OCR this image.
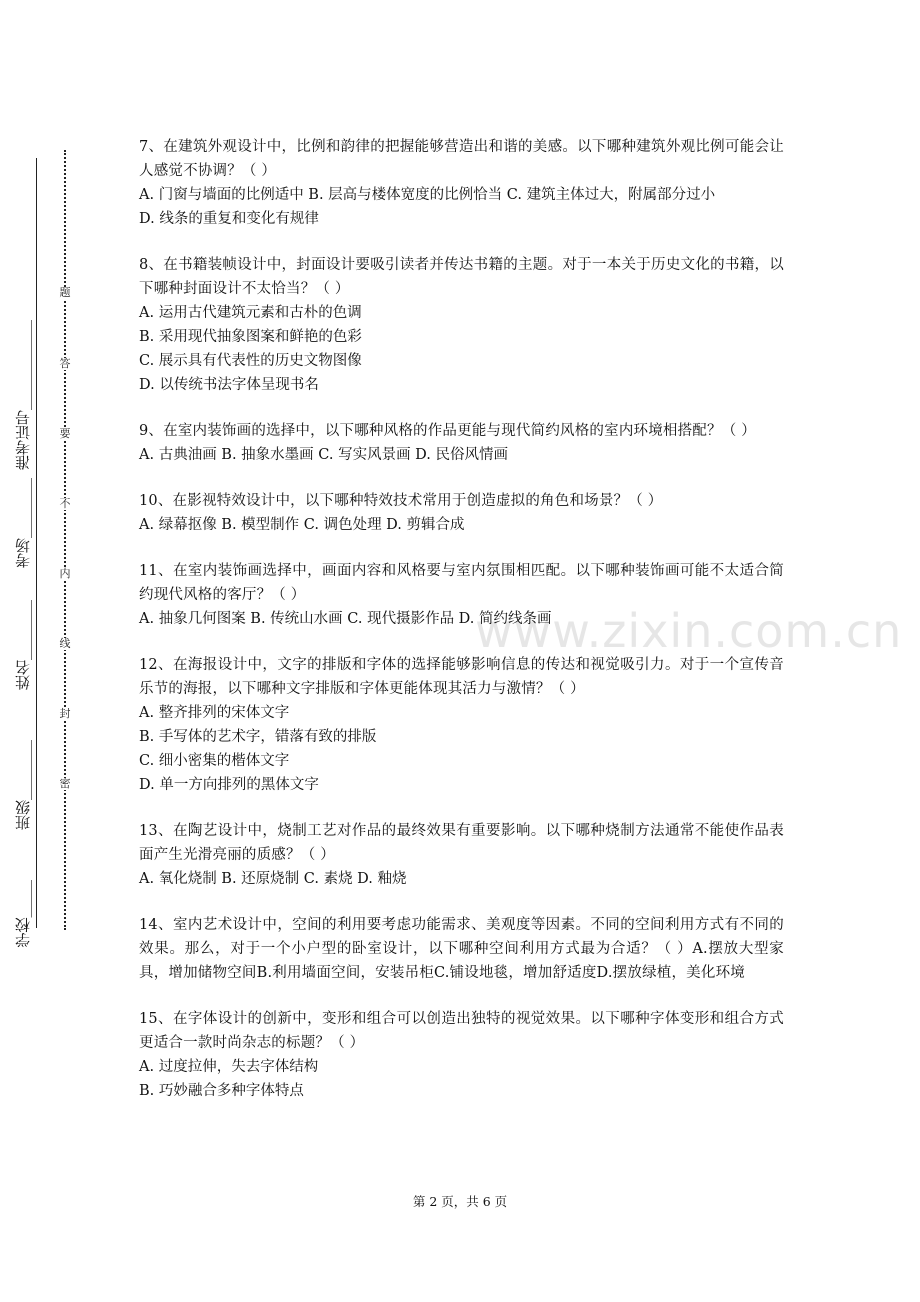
准考证号____________
考场________
姓名________
班级________
学校_____
题
答
要
不
内
线
封
密
www.zixin.com.cn

7、在建筑外观设计中，比例和韵律的把握能够营造出和谐的美感。以下哪种建筑外观比例可能会让人感觉不协调？（ ）

A. 门窗与墙面的比例适中 B. 层高与楼体宽度的比例恰当 C. 建筑主体过大，附属部分过小

D. 线条的重复和变化有规律

8、在书籍装帧设计中，封面设计要吸引读者并传达书籍的主题。对于一本关于历史文化的书籍，以下哪种封面设计不太恰当？（ ）

A. 运用古代建筑元素和古朴的色调

B. 采用现代抽象图案和鲜艳的色彩

C. 展示具有代表性的历史文物图像

D. 以传统书法字体呈现书名

9、在室内装饰画的选择中，以下哪种风格的作品更能与现代简约风格的室内环境相搭配？（ ）

A. 古典油画 B. 抽象水墨画 C. 写实风景画 D. 民俗风情画

10、在影视特效设计中，以下哪种特效技术常用于创造虚拟的角色和场景？（ ）

A. 绿幕抠像 B. 模型制作 C. 调色处理 D. 剪辑合成

11、在室内装饰画选择中，画面内容和风格要与室内氛围相匹配。以下哪种装饰画可能不太适合简约现代风格的客厅？（ ）

A. 抽象几何图案 B. 传统山水画 C. 现代摄影作品 D. 简约线条画

12、在海报设计中，文字的排版和字体的选择能够影响信息的传达和视觉吸引力。对于一个宣传音乐节的海报，以下哪种文字排版和字体更能体现其活力与激情？（ ）

A. 整齐排列的宋体文字

B. 手写体的艺术字，错落有致的排版

C. 细小密集的楷体文字

D. 单一方向排列的黑体文字

13、在陶艺设计中，烧制工艺对作品的最终效果有重要影响。以下哪种烧制方法通常不能使作品表面产生光滑亮丽的质感？（ ）

A. 氧化烧制 B. 还原烧制 C. 素烧 D. 釉烧

14、室内艺术设计中，空间的利用要考虑功能需求、美观度等因素。不同的空间利用方式有不同的效果。那么，对于一个小户型的卧室设计，以下哪种空间利用方式最为合适？（ ）A.摆放大型家具，增加储物空间B.利用墙面空间，安装吊柜C.铺设地毯，增加舒适度D.摆放绿植，美化环境

15、在字体设计的创新中，变形和组合可以创造出独特的视觉效果。以下哪种字体变形和组合方式更适合一款时尚杂志的标题？（ ）

A. 过度拉伸，失去字体结构

B. 巧妙融合多种字体特点

第 2 页，共 6 页
